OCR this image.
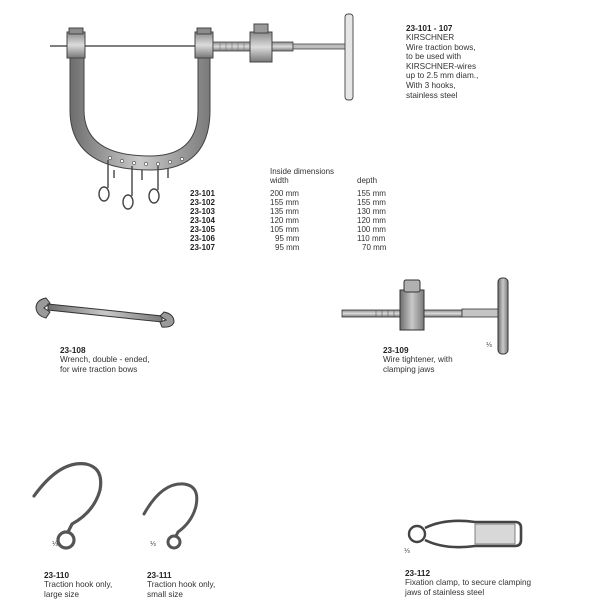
23-101 - 107
KIRSCHNER
Wire traction bows,
to be used with
KIRSCHNER-wires
up to 2.5 mm diam.,
With 3 hooks,
stainless steel
Inside dimensions
width	depth
23-101	200 mm	155 mm
23-102	155 mm	155 mm
23-103	135 mm	130 mm
23-104	120 mm	120 mm
23-105	105 mm	100 mm
23-106	95 mm	110 mm
23-107	95 mm	70 mm
23-108
Wrench, double - ended,
for wire traction bows
⅓
23-109
Wire tightener, with
clamping jaws
⅓
23-110
Traction hook only,
large size
⅓
23-111
Traction hook only,
small size
⅓
23-112
Fixation clamp, to secure clamping
jaws of stainless steel
